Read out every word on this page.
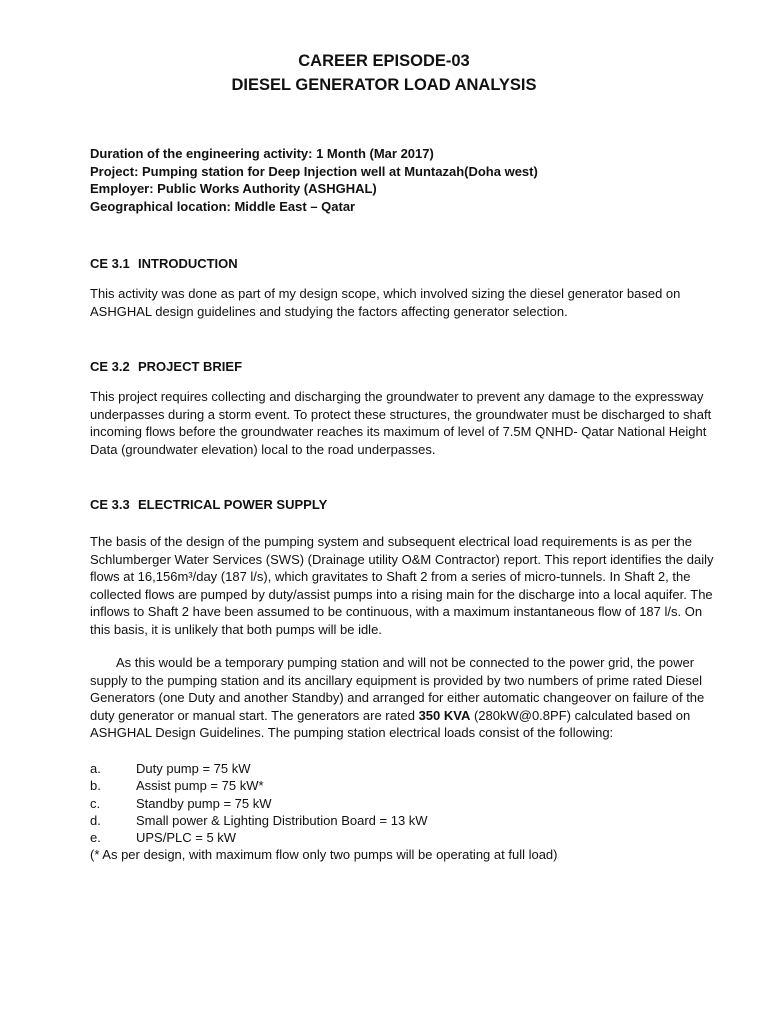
CAREER EPISODE-03
DIESEL GENERATOR LOAD ANALYSIS
Duration of the engineering activity: 1 Month (Mar 2017)
Project: Pumping station for Deep Injection well at Muntazah(Doha west)
Employer: Public Works Authority (ASHGHAL)
Geographical location: Middle East – Qatar
CE 3.1 INTRODUCTION
This activity was done as part of my design scope, which involved sizing the diesel generator based on
ASHGHAL design guidelines and studying the factors affecting generator selection.
CE 3.2 PROJECT BRIEF
This project requires collecting and discharging the groundwater to prevent any damage to the expressway
underpasses during a storm event. To protect these structures, the groundwater must be discharged to shaft
incoming flows before the groundwater reaches its maximum of level of 7.5M QNHD- Qatar National Height
Data (groundwater elevation) local to the road underpasses.
CE 3.3 ELECTRICAL POWER SUPPLY
The basis of the design of the pumping system and subsequent electrical load requirements is as per the
Schlumberger Water Services (SWS) (Drainage utility O&M Contractor) report. This report identifies the daily
flows at 16,156m³/day (187 l/s), which gravitates to Shaft 2 from a series of micro-tunnels. In Shaft 2, the
collected flows are pumped by duty/assist pumps into a rising main for the discharge into a local aquifer. The
inflows to Shaft 2 have been assumed to be continuous, with a maximum instantaneous flow of 187 l/s. On
this basis, it is unlikely that both pumps will be idle.
As this would be a temporary pumping station and will not be connected to the power grid, the power
supply to the pumping station and its ancillary equipment is provided by two numbers of prime rated Diesel
Generators (one Duty and another Standby) and arranged for either automatic changeover on failure of the
duty generator or manual start. The generators are rated 350 KVA (280kW@0.8PF) calculated based on
ASHGHAL Design Guidelines. The pumping station electrical loads consist of the following:
a.	Duty pump = 75 kW
b.	Assist pump = 75 kW*
c.	Standby pump = 75 kW
d.	Small power & Lighting Distribution Board = 13 kW
e.	UPS/PLC = 5 kW
(* As per design, with maximum flow only two pumps will be operating at full load)
